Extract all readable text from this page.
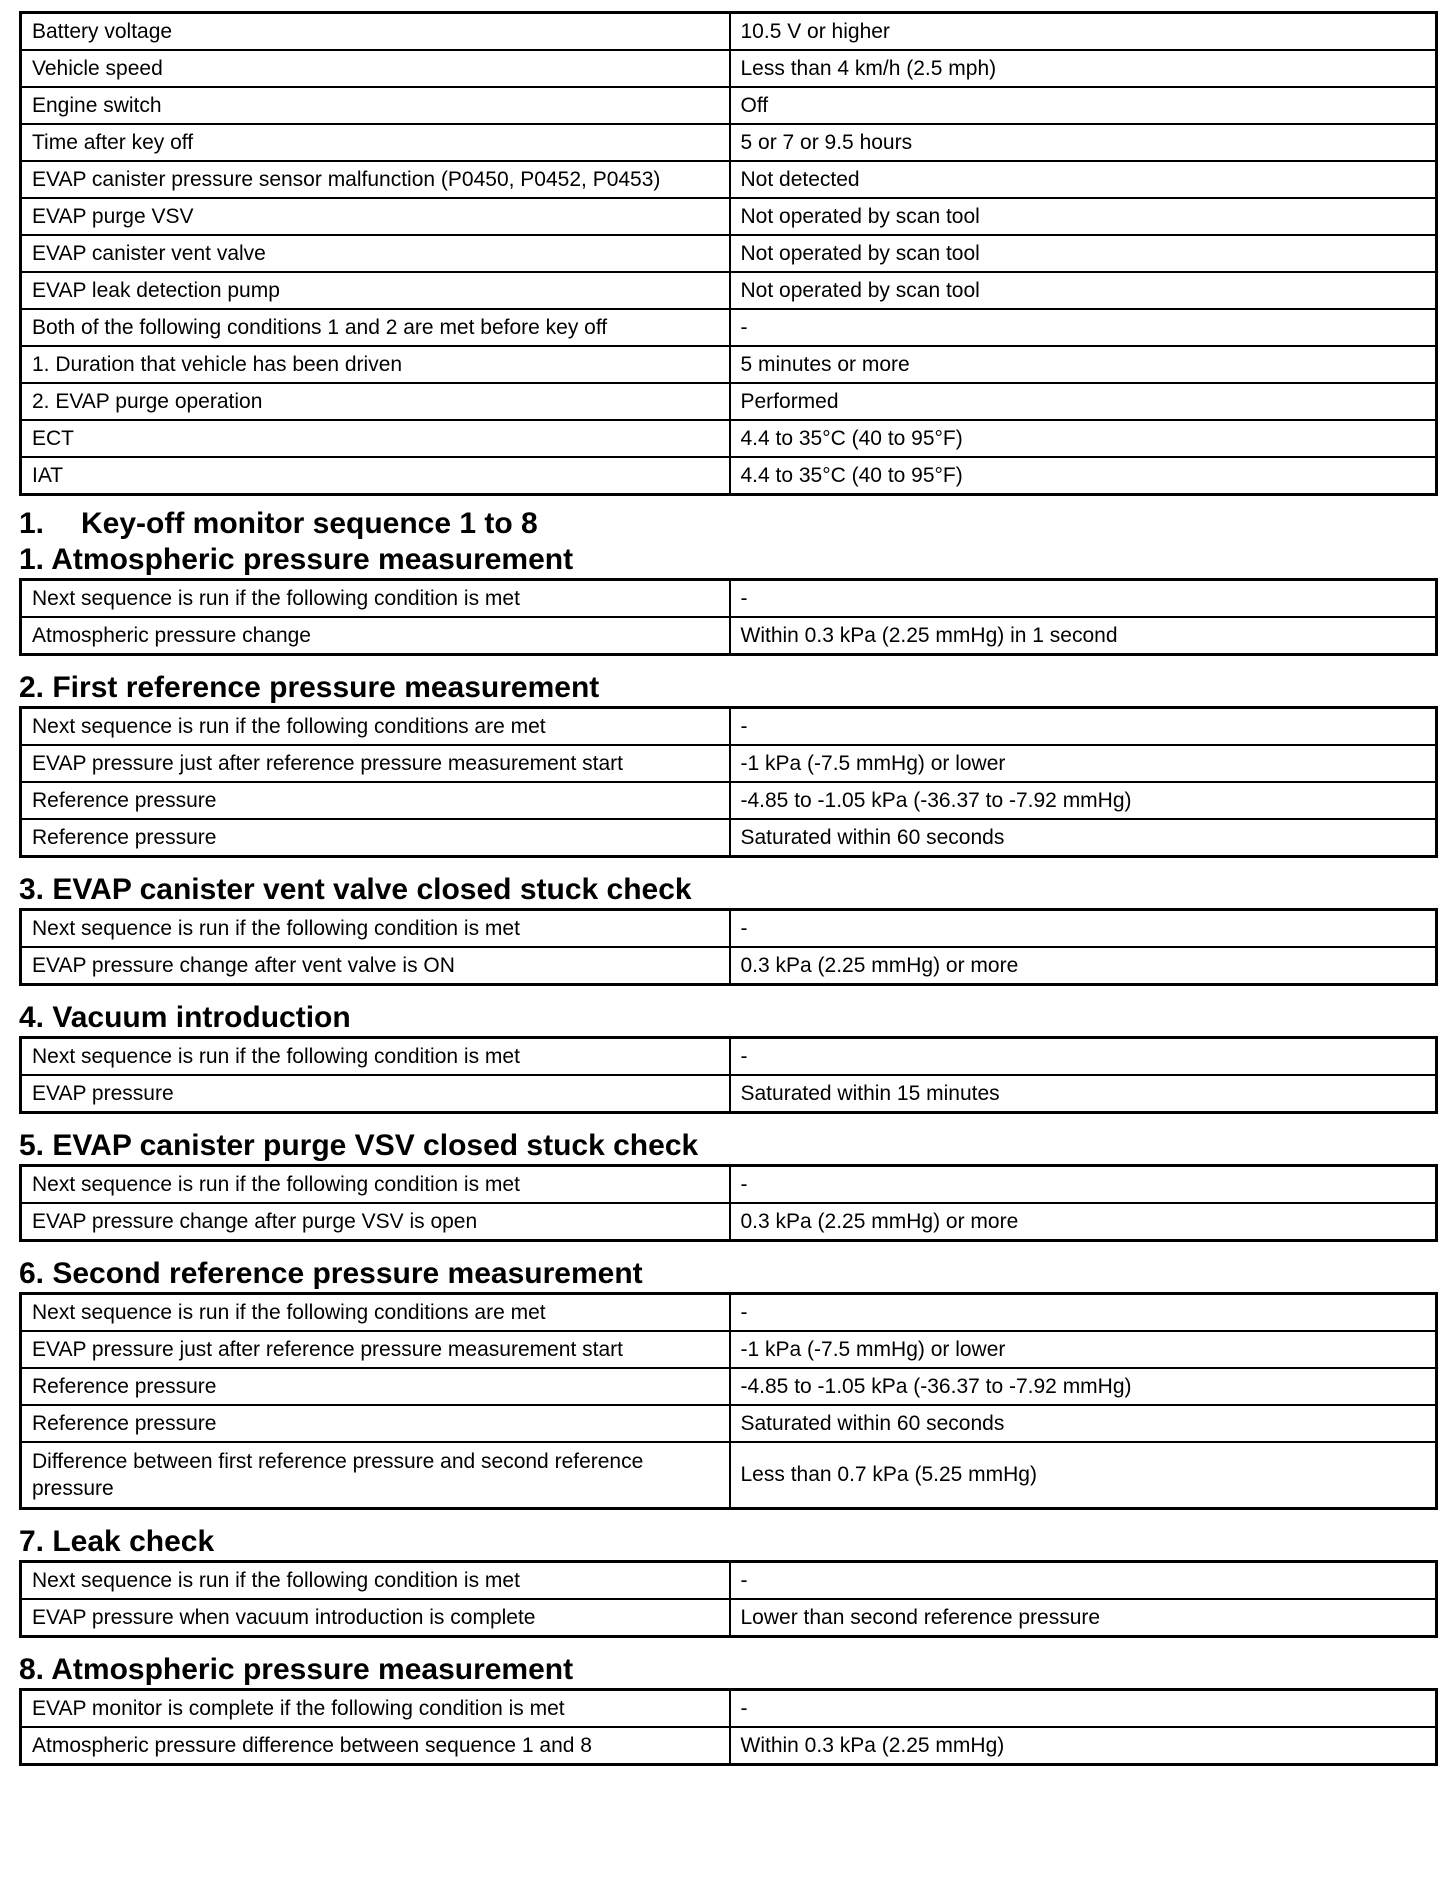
Battery voltage	10.5 V or higher
Vehicle speed	Less than 4 km/h (2.5 mph)
Engine switch	Off
Time after key off	5 or 7 or 9.5 hours
EVAP canister pressure sensor malfunction (P0450, P0452, P0453)	Not detected
EVAP purge VSV	Not operated by scan tool
EVAP canister vent valve	Not operated by scan tool
EVAP leak detection pump	Not operated by scan tool
Both of the following conditions 1 and 2 are met before key off	-
1. Duration that vehicle has been driven	5 minutes or more
2. EVAP purge operation	Performed
ECT	4.4 to 35°C (40 to 95°F)
IAT	4.4 to 35°C (40 to 95°F)
1. Key-off monitor sequence 1 to 8
1. Atmospheric pressure measurement
Next sequence is run if the following condition is met	-
Atmospheric pressure change	Within 0.3 kPa (2.25 mmHg) in 1 second
2. First reference pressure measurement
Next sequence is run if the following conditions are met	-
EVAP pressure just after reference pressure measurement start	-1 kPa (-7.5 mmHg) or lower
Reference pressure	-4.85 to -1.05 kPa (-36.37 to -7.92 mmHg)
Reference pressure	Saturated within 60 seconds
3. EVAP canister vent valve closed stuck check
Next sequence is run if the following condition is met	-
EVAP pressure change after vent valve is ON	0.3 kPa (2.25 mmHg) or more
4. Vacuum introduction
Next sequence is run if the following condition is met	-
EVAP pressure	Saturated within 15 minutes
5. EVAP canister purge VSV closed stuck check
Next sequence is run if the following condition is met	-
EVAP pressure change after purge VSV is open	0.3 kPa (2.25 mmHg) or more
6. Second reference pressure measurement
Next sequence is run if the following conditions are met	-
EVAP pressure just after reference pressure measurement start	-1 kPa (-7.5 mmHg) or lower
Reference pressure	-4.85 to -1.05 kPa (-36.37 to -7.92 mmHg)
Reference pressure	Saturated within 60 seconds
Difference between first reference pressure and second reference pressure	Less than 0.7 kPa (5.25 mmHg)
7. Leak check
Next sequence is run if the following condition is met	-
EVAP pressure when vacuum introduction is complete	Lower than second reference pressure
8. Atmospheric pressure measurement
EVAP monitor is complete if the following condition is met	-
Atmospheric pressure difference between sequence 1 and 8	Within 0.3 kPa (2.25 mmHg)
